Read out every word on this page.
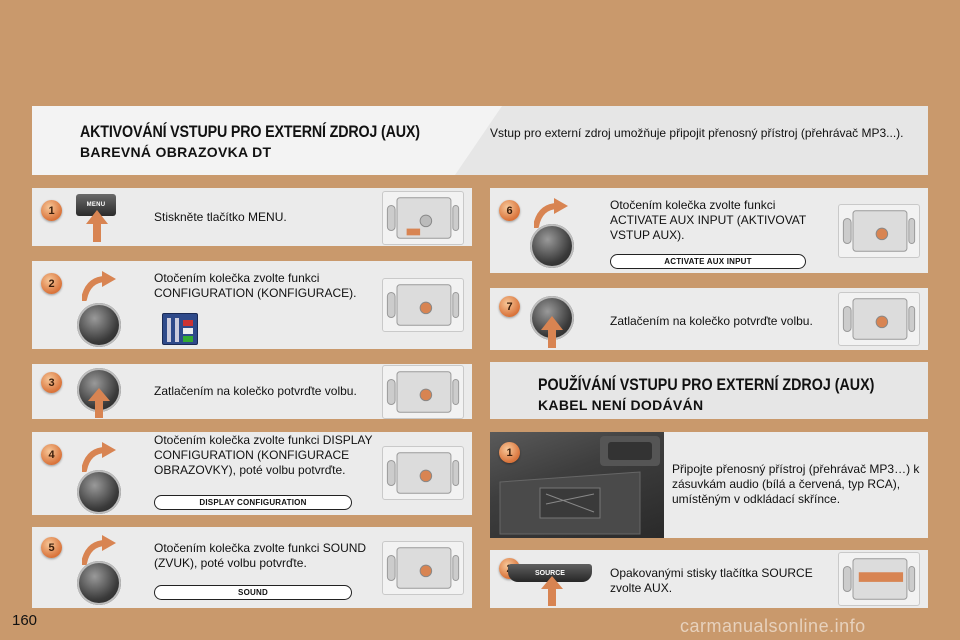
AKTIVOVÁNÍ VSTUPU PRO EXTERNÍ ZDROJ (AUX)
BAREVNÁ OBRAZOVKA DT
Vstup pro externí zdroj umožňuje připojit přenosný přístroj (přehrávač MP3...).
1	MENU
Stiskněte tlačítko MENU.
2	Otočením kolečka zvolte funkci CONFIGURATION (KONFIGURACE).
3
Zatlačením na kolečko potvrďte volbu.
4
Otočením kolečka zvolte funkci DISPLAY CONFIGURATION (KONFIGURACE OBRAZOVKY), poté volbu potvrďte.
DISPLAY CONFIGURATION
5	Otočením kolečka zvolte funkci SOUND (ZVUK), poté volbu potvrďte.
SOUND
6	Otočením kolečka zvolte funkci ACTIVATE AUX INPUT (AKTIVOVAT VSTUP AUX).
ACTIVATE AUX INPUT
7
Zatlačením na kolečko potvrďte volbu.
POUŽÍVÁNÍ VSTUPU PRO EXTERNÍ ZDROJ (AUX)
KABEL NENÍ DODÁVÁN
1
Připojte přenosný přístroj (přehrávač MP3…) k zásuvkám audio (bílá a červená, typ RCA), umístěným v odkládací skřínce.
SOURCE	Opakovanými stisky tlačítka SOURCE zvolte AUX.
160	carmanualsonline.info
